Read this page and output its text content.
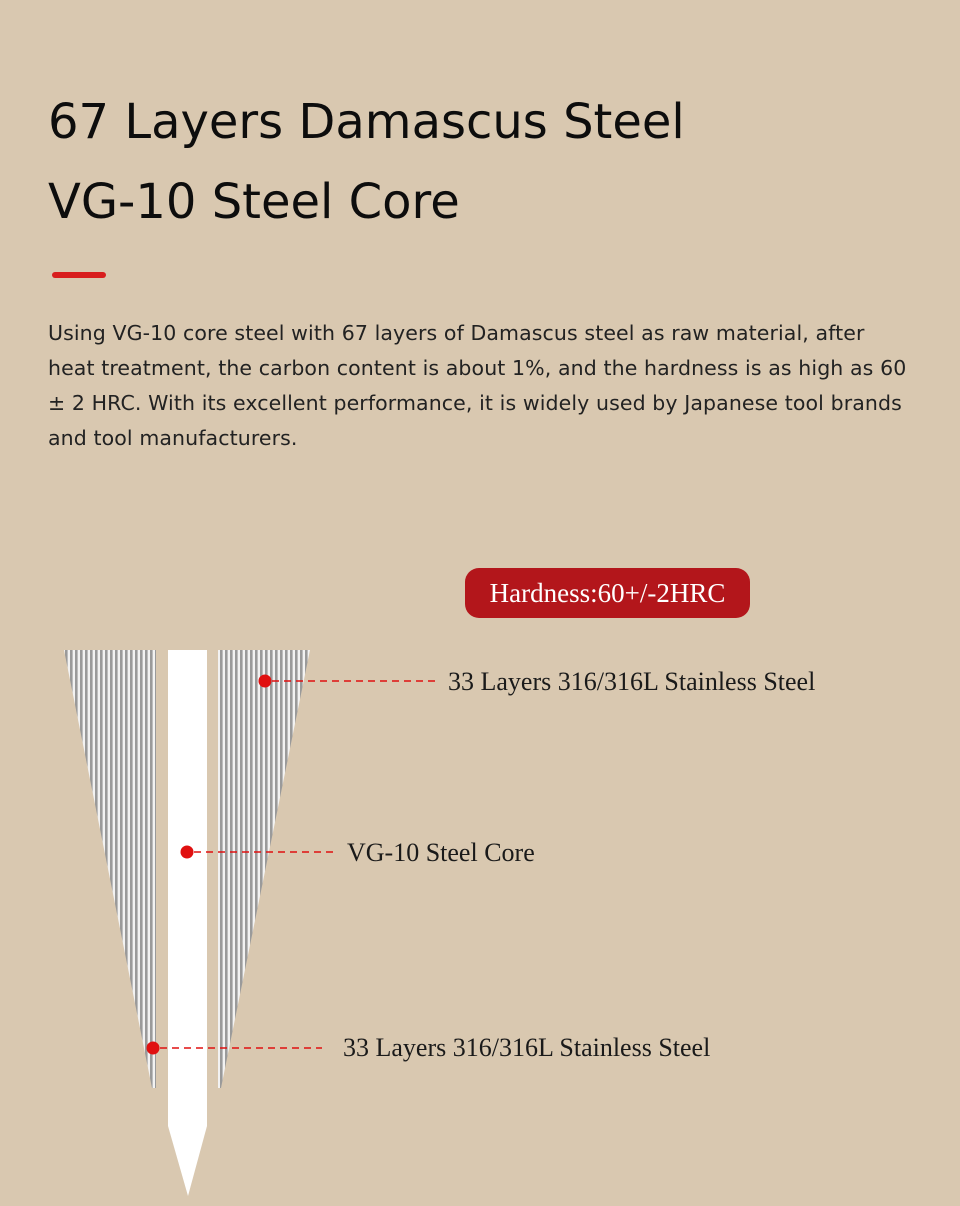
67 Layers Damascus Steel
VG-10 Steel Core

Using VG-10 core steel with 67 layers of Damascus steel as raw material, after heat treatment, the carbon content is about 1%, and the hardness is as high as 60 ± 2 HRC. With its excellent performance, it is widely used by Japanese tool brands and tool manufacturers.

Hardness:60+/-2HRC
33 Layers 316/316L Stainless Steel
VG-10 Steel Core
33 Layers 316/316L Stainless Steel
